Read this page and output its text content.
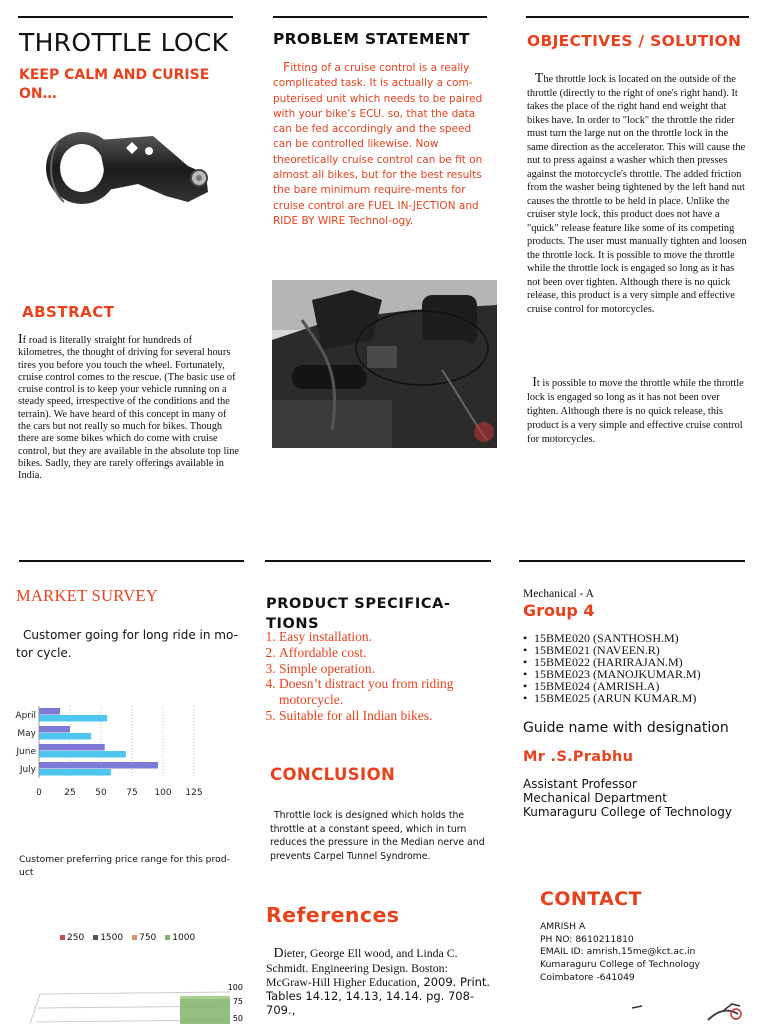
THROTTLE LOCK
KEEP CALM AND CURISE ON…
ABSTRACT

If road is literally straight for hundreds of kilometres, the thought of driving for several hours tires you before you touch the wheel. Fortunately, cruise control comes to the rescue. (The basic use of cruise control is to keep your vehicle running on a steady speed, irrespective of the conditions and the terrain). We have heard of this concept in many of the cars but not really so much for bikes. Though there are some bikes which do come with cruise control, but they are available in the absolute top line bikes. Sadly, they are rarely offerings available in India.

PROBLEM STATEMENT

Fitting of a cruise control is a really complicated task. It is actually a com-puterised unit which needs to be paired with your bike’s ECU. so, that the data can be fed accordingly and the speed can be controlled likewise. Now theoretically cruise control can be fit on almost all bikes, but for the best results the bare minimum require-ments for cruise control are FUEL IN-JECTION and RIDE BY WIRE Technol-ogy.

OBJECTIVES / SOLUTION

The throttle lock is located on the outside of the throttle (directly to the right of one's right hand). It takes the place of the right hand end weight that bikes have. In order to "lock" the throttle the rider must turn the large nut on the throttle lock in the same direction as the accelerator. This will cause the nut to press against a washer which then presses against the motorcycle's throttle. The added friction from the washer being tightened by the left hand nut causes the throttle to be held in place. Unlike the cruiser style lock, this product does not have a "quick" release feature like some of its competing products. The user must manually tighten and loosen the throttle lock. It is possible to move the throttle while the throttle lock is engaged so long as it has not been over tighten. Although there is no quick release, this product is a very simple and effective cruise control for motorcycles.

It is possible to move the throttle while the throttle lock is engaged so long as it has not been over tighten. Although there is no quick release, this product is a very simple and effective cruise control for motorcycles.

MARKET SURVEY

Customer going for long ride in mo-tor cycle.

0 25 50 75 100 125
April
May
June
July

Customer preferring price range for this prod-uct

250	1500	750	1000
100
75
50
PRODUCT SPECIFICA-TIONS
1. Easy installation.
2. Affordable cost.
3. Simple operation.
4. Doesn’t distract you from riding motorcycle.
5. Suitable for all Indian bikes.
CONCLUSION

Throttle lock is designed which holds the throttle at a constant speed, which in turn reduces the pressure in the Median nerve and prevents Carpel Tunnel Syndrome.

References

Dieter, George Ell wood, and Linda C. Schmidt. Engineering Design. Boston: McGraw-Hill Higher Education, 2009. Print. Tables 14.12, 14.13, 14.14. pg. 708-709.,

Mechanical - A
Group 4
• 15BME020 (SANTHOSH.M)
• 15BME021 (NAVEEN.R)
• 15BME022 (HARIRAJAN.M)
• 15BME023 (MANOJKUMAR.M)
• 15BME024 (AMRISH.A)
• 15BME025 (ARUN KUMAR.M)
Guide name with designation
Mr .S.Prabhu
Assistant Professor
Mechanical Department
Kumaraguru College of Technology
CONTACT
AMRISH A
PH NO: 8610211810
EMAIL ID: amrish.15me@kct.ac.in
Kumaraguru College of Technology
Coimbatore -641049
